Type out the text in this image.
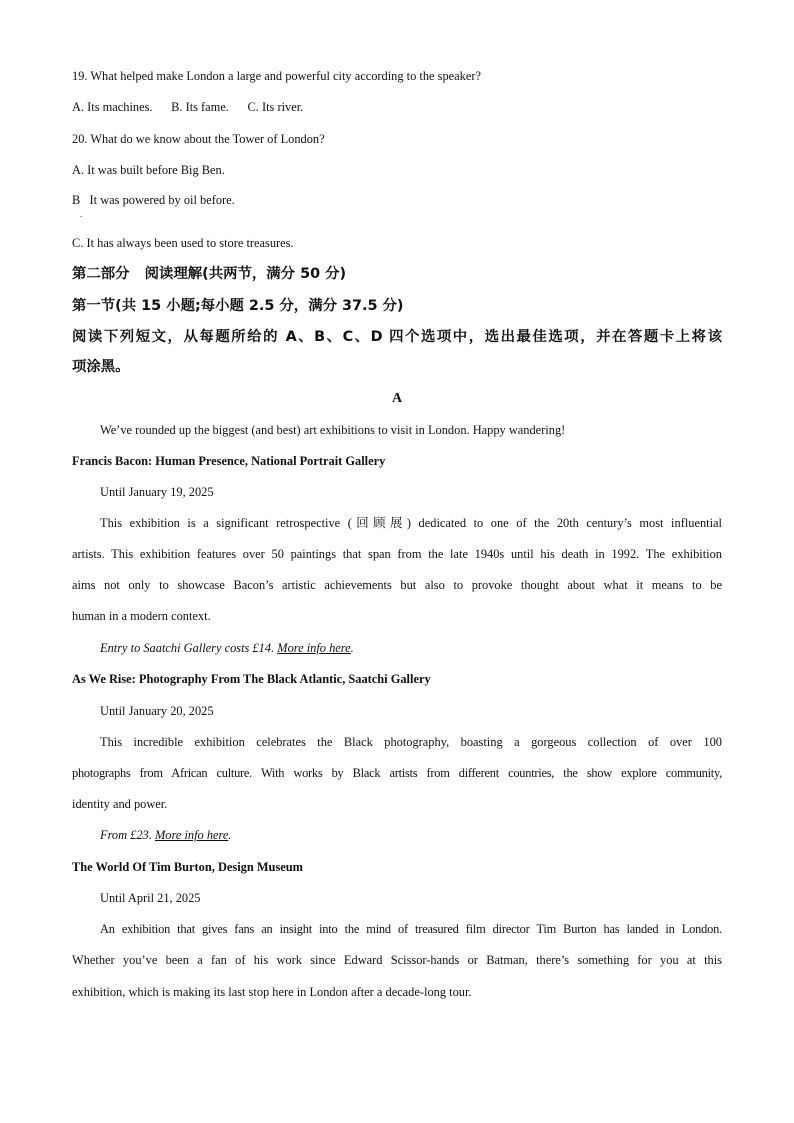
19. What helped make London a large and powerful city according to the speaker?
A. Its machines.      B. Its fame.      C. Its river.
20. What do we know about the Tower of London?
A. It was built before Big Ben.
B   It was powered by oil before.
.
C. It has always been used to store treasures.
第二部分   阅读理解(共两节，满分 50 分)
第一节(共 15 小题;每小题 2.5 分，满分 37.5 分)
阅读下列短文，从每题所给的 A、B、C、D 四个选项中，选出最佳选项，并在答题卡上将该
项涂黑。
A
We’ve rounded up the biggest (and best) art exhibitions to visit in London. Happy wandering!
Francis Bacon: Human Presence, National Portrait Gallery
Until January 19, 2025
This exhibition is a significant retrospective (回顾展) dedicated to one of the 20th century’s most influential
artists. This exhibition features over 50 paintings that span from the late 1940s until his death in 1992. The exhibition
aims not only to showcase Bacon’s artistic achievements but also to provoke thought about what it means to be
human in a modern context.
Entry to Saatchi Gallery costs £14. More info here.
As We Rise: Photography From The Black Atlantic, Saatchi Gallery
Until January 20, 2025
This incredible exhibition celebrates the Black photography, boasting a gorgeous collection of over 100
photographs from African culture. With works by Black artists from different countries, the show explore community,
identity and power.
From £23. More info here.
The World Of Tim Burton, Design Museum
Until April 21, 2025
An exhibition that gives fans an insight into the mind of treasured film director Tim Burton has landed in London.
Whether you’ve been a fan of his work since Edward Scissor-hands or Batman, there’s something for you at this
exhibition, which is making its last stop here in London after a decade-long tour.
